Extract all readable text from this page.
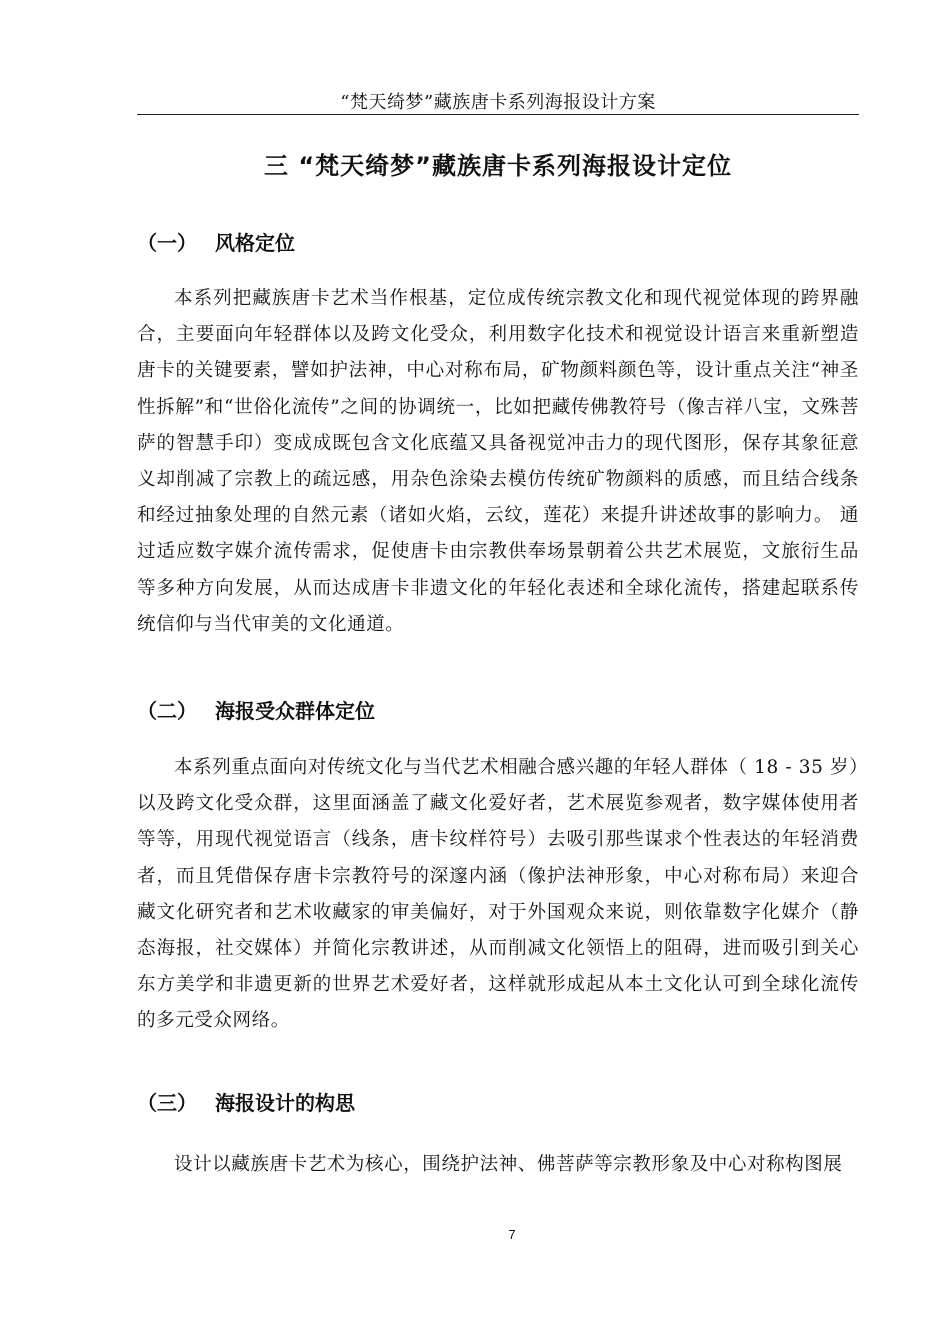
“梵天绮梦”藏族唐卡系列海报设计方案
三 “梵天绮梦”藏族唐卡系列海报设计定位
（一） 风格定位

本系列把藏族唐卡艺术当作根基，定位成传统宗教文化和现代视觉体现的跨界融合，主要面向年轻群体以及跨文化受众，利用数字化技术和视觉设计语言来重新塑造唐卡的关键要素，譬如护法神，中心对称布局，矿物颜料颜色等，设计重点关注“神圣性拆解”和“世俗化流传”之间的协调统一，比如把藏传佛教符号（像吉祥八宝，文殊菩萨的智慧手印）变成成既包含文化底蕴又具备视觉冲击力的现代图形，保存其象征意义却削减了宗教上的疏远感，用杂色涂染去模仿传统矿物颜料的质感，而且结合线条和经过抽象处理的自然元素（诸如火焰，云纹，莲花）来提升讲述故事的影响力。 通过适应数字媒介流传需求，促使唐卡由宗教供奉场景朝着公共艺术展览，文旅衍生品等多种方向发展，从而达成唐卡非遗文化的年轻化表述和全球化流传，搭建起联系传统信仰与当代审美的文化通道。

（二） 海报受众群体定位

本系列重点面向对传统文化与当代艺术相融合感兴趣的年轻人群体（ 18 - 35 岁）以及跨文化受众群，这里面涵盖了藏文化爱好者，艺术展览参观者，数字媒体使用者等等，用现代视觉语言（线条，唐卡纹样符号）去吸引那些谋求个性表达的年轻消费者，而且凭借保存唐卡宗教符号的深邃内涵（像护法神形象，中心对称布局）来迎合藏文化研究者和艺术收藏家的审美偏好，对于外国观众来说，则依靠数字化媒介（静态海报，社交媒体）并简化宗教讲述，从而削减文化领悟上的阻碍，进而吸引到关心东方美学和非遗更新的世界艺术爱好者，这样就形成起从本土文化认可到全球化流传的多元受众网络。

（三） 海报设计的构思

设计以藏族唐卡艺术为核心，围绕护法神、佛菩萨等宗教形象及中心对称构图展

7
